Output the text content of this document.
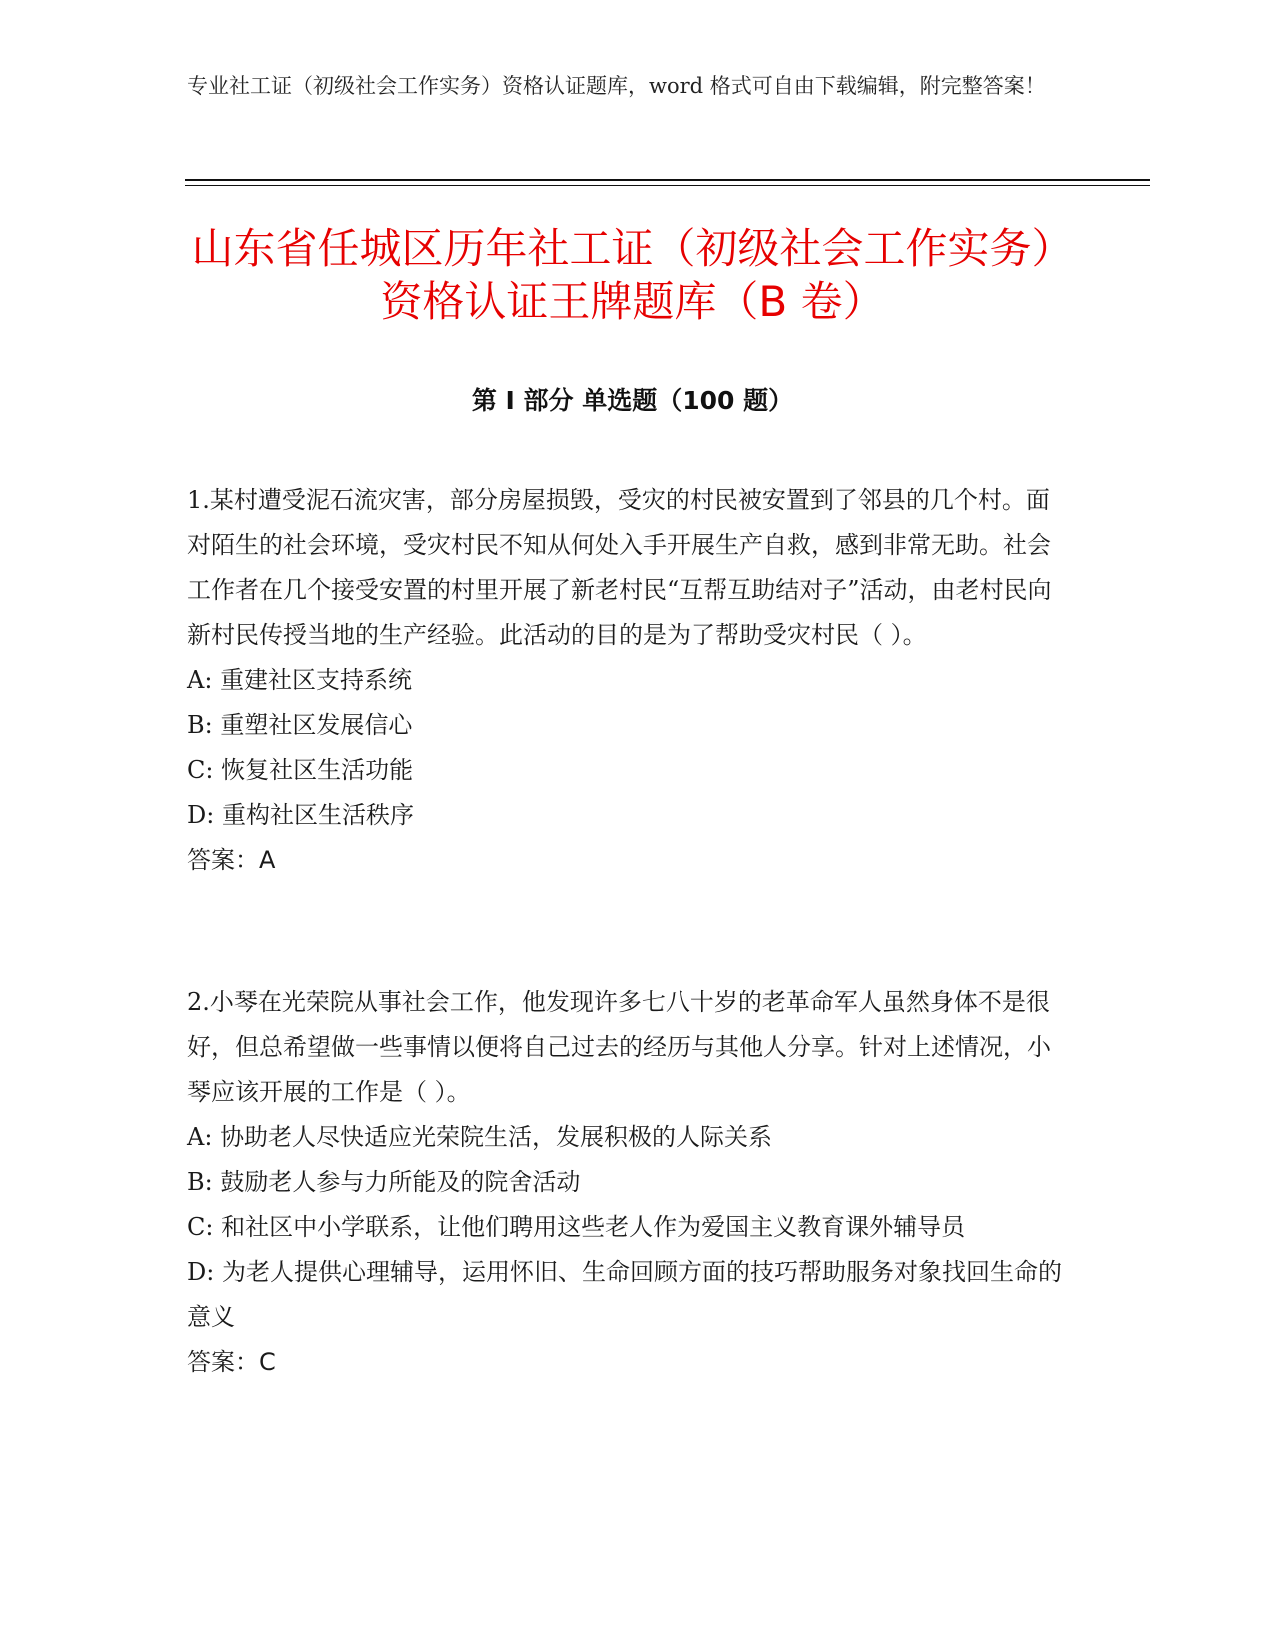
专业社工证（初级社会工作实务）资格认证题库，word 格式可自由下载编辑，附完整答案！
山东省任城区历年社工证（初级社会工作实务）资格认证王牌题库（B 卷）
第 I 部分 单选题（100 题）

1.某村遭受泥石流灾害，部分房屋损毁，受灾的村民被安置到了邻县的几个村。面对陌生的社会环境，受灾村民不知从何处入手开展生产自救，感到非常无助。社会工作者在几个接受安置的村里开展了新老村民“互帮互助结对子”活动，由老村民向新村民传授当地的生产经验。此活动的目的是为了帮助受灾村民（ ）。

A: 重建社区支持系统

B: 重塑社区发展信心

C: 恢复社区生活功能

D: 重构社区生活秩序

答案：A

2.小琴在光荣院从事社会工作，他发现许多七八十岁的老革命军人虽然身体不是很好，但总希望做一些事情以便将自己过去的经历与其他人分享。针对上述情况，小琴应该开展的工作是（ ）。

A: 协助老人尽快适应光荣院生活，发展积极的人际关系

B: 鼓励老人参与力所能及的院舍活动

C: 和社区中小学联系，让他们聘用这些老人作为爱国主义教育课外辅导员

D: 为老人提供心理辅导，运用怀旧、生命回顾方面的技巧帮助服务对象找回生命的意义

答案：C
